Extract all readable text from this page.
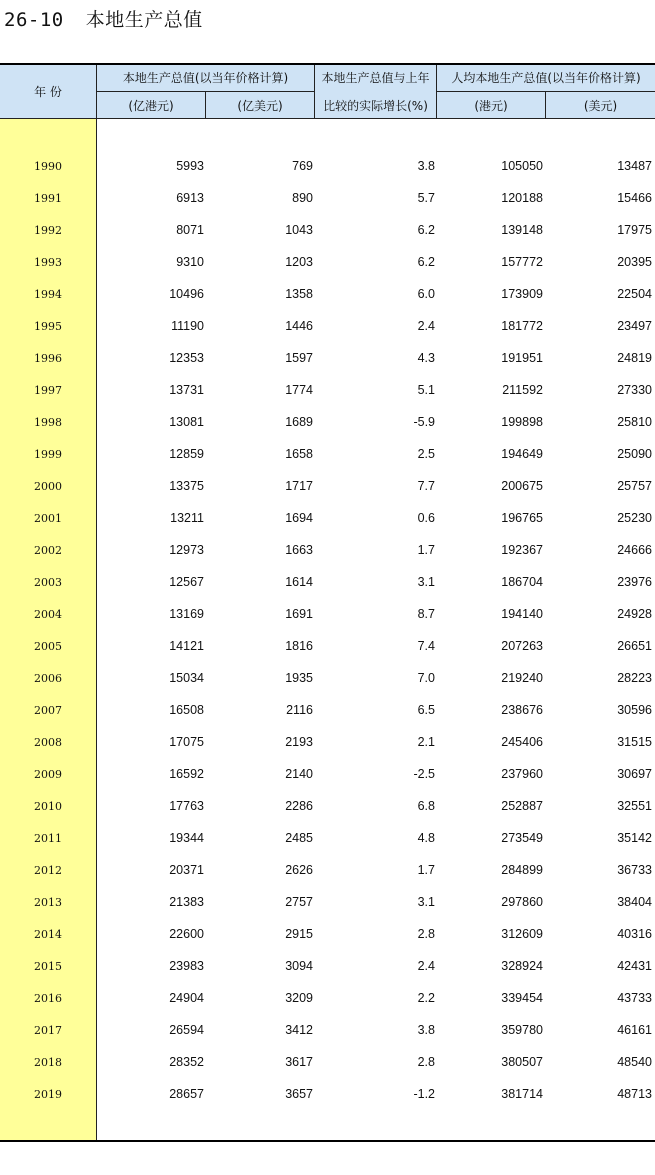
26-10 本地生产总值
年 份
本地生产总值(以当年价格计算)
(亿港元)	(亿美元)
本地生产总值与上年
比较的实际增长(%)
人均本地生产总值(以当年价格计算)
(港元)	(美元)
1990	5993	769	3.8	105050	13487
1991	6913	890	5.7	120188	15466
1992	8071	1043	6.2	139148	17975
1993	9310	1203	6.2	157772	20395
1994	10496	1358	6.0	173909	22504
1995	11190	1446	2.4	181772	23497
1996	12353	1597	4.3	191951	24819
1997	13731	1774	5.1	211592	27330
1998	13081	1689	-5.9	199898	25810
1999	12859	1658	2.5	194649	25090
2000	13375	1717	7.7	200675	25757
2001	13211	1694	0.6	196765	25230
2002	12973	1663	1.7	192367	24666
2003	12567	1614	3.1	186704	23976
2004	13169	1691	8.7	194140	24928
2005	14121	1816	7.4	207263	26651
2006	15034	1935	7.0	219240	28223
2007	16508	2116	6.5	238676	30596
2008	17075	2193	2.1	245406	31515
2009	16592	2140	-2.5	237960	30697
2010	17763	2286	6.8	252887	32551
2011	19344	2485	4.8	273549	35142
2012	20371	2626	1.7	284899	36733
2013	21383	2757	3.1	297860	38404
2014	22600	2915	2.8	312609	40316
2015	23983	3094	2.4	328924	42431
2016	24904	3209	2.2	339454	43733
2017	26594	3412	3.8	359780	46161
2018	28352	3617	2.8	380507	48540
2019	28657	3657	-1.2	381714	48713
